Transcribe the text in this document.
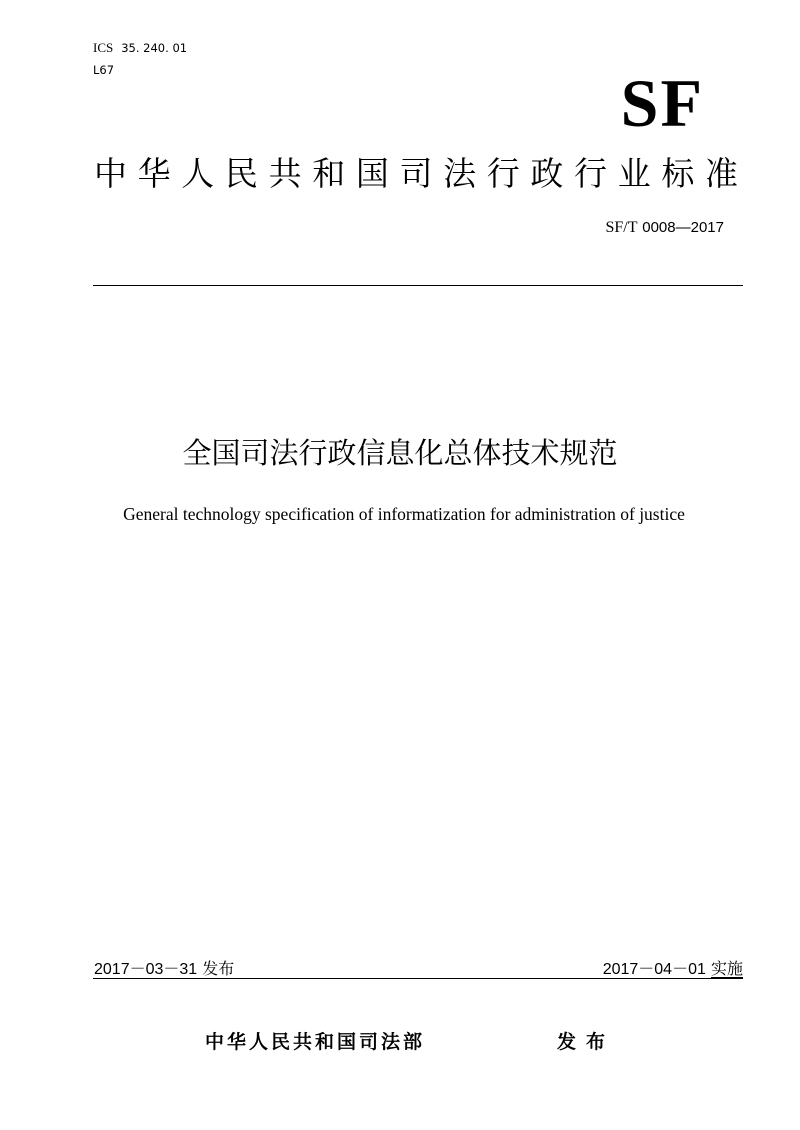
ICS 35. 240. 01
L67	SF
中 华 人 民 共 和 国 司 法 行 政 行 业 标 准
SF/T 0008—2017
全国司法行政信息化总体技术规范
General technology specification of informatization for administration of justice
2017－03－31 发布	2017－04－01 实施
中华人民共和国司法部	发布
